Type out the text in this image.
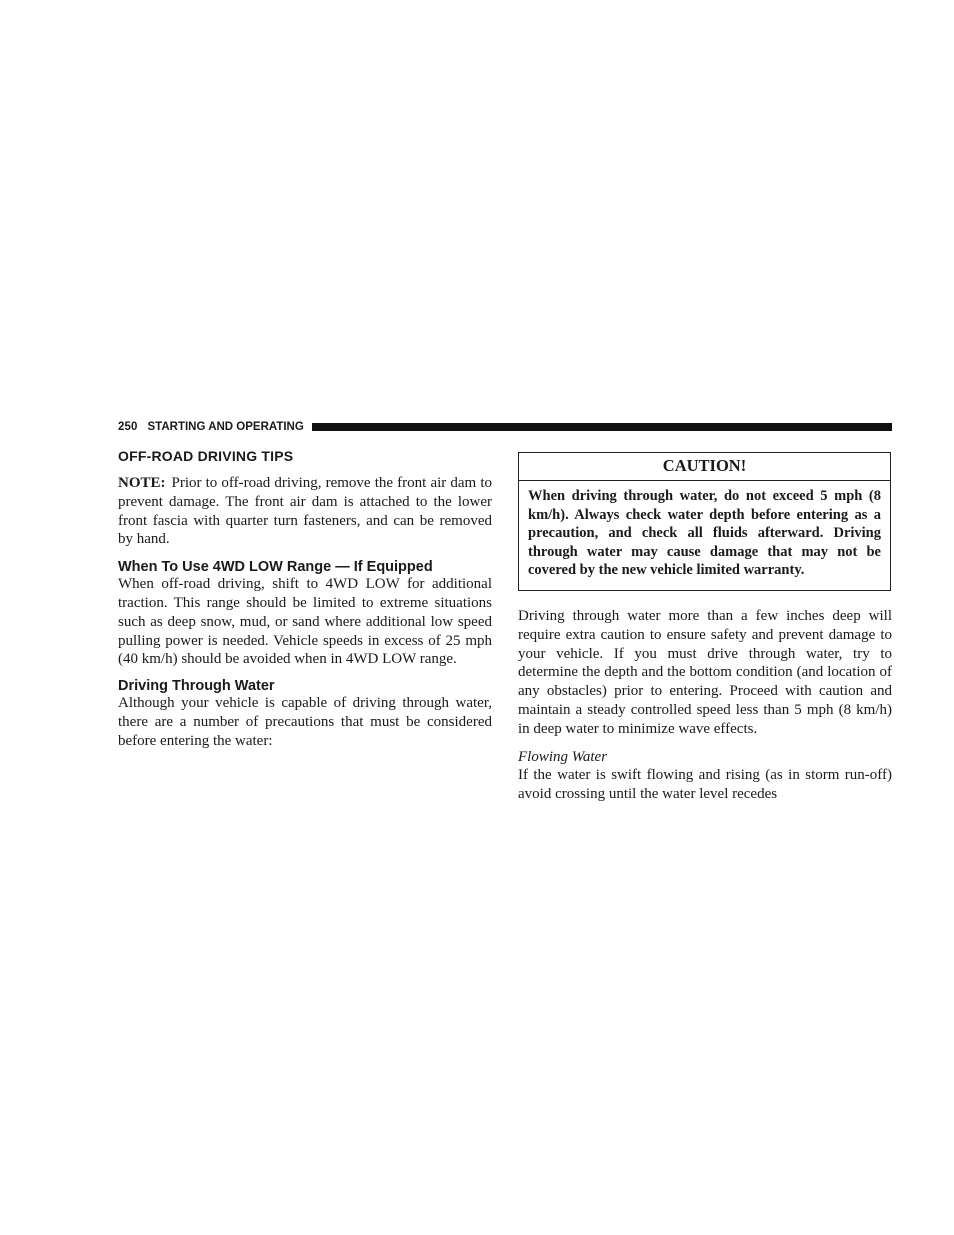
250 STARTING AND OPERATING
OFF-ROAD DRIVING TIPS

NOTE: Prior to off-road driving, remove the front air dam to prevent damage. The front air dam is attached to the lower front fascia with quarter turn fasteners, and can be removed by hand.

When To Use 4WD LOW Range — If Equipped

When off-road driving, shift to 4WD LOW for additional traction. This range should be limited to extreme situations such as deep snow, mud, or sand where additional low speed pulling power is needed. Vehicle speeds in excess of 25 mph (40 km/h) should be avoided when in 4WD LOW range.

Driving Through Water

Although your vehicle is capable of driving through water, there are a number of precautions that must be considered before entering the water:

CAUTION!
When driving through water, do not exceed 5 mph (8 km/h). Always check water depth before entering as a precaution, and check all fluids afterward. Driving through water may cause damage that may not be covered by the new vehicle limited warranty.

Driving through water more than a few inches deep will require extra caution to ensure safety and prevent damage to your vehicle. If you must drive through water, try to determine the depth and the bottom condition (and location of any obstacles) prior to entering. Proceed with caution and maintain a steady controlled speed less than 5 mph (8 km/h) in deep water to minimize wave effects.

Flowing Water

If the water is swift flowing and rising (as in storm run-off) avoid crossing until the water level recedes
